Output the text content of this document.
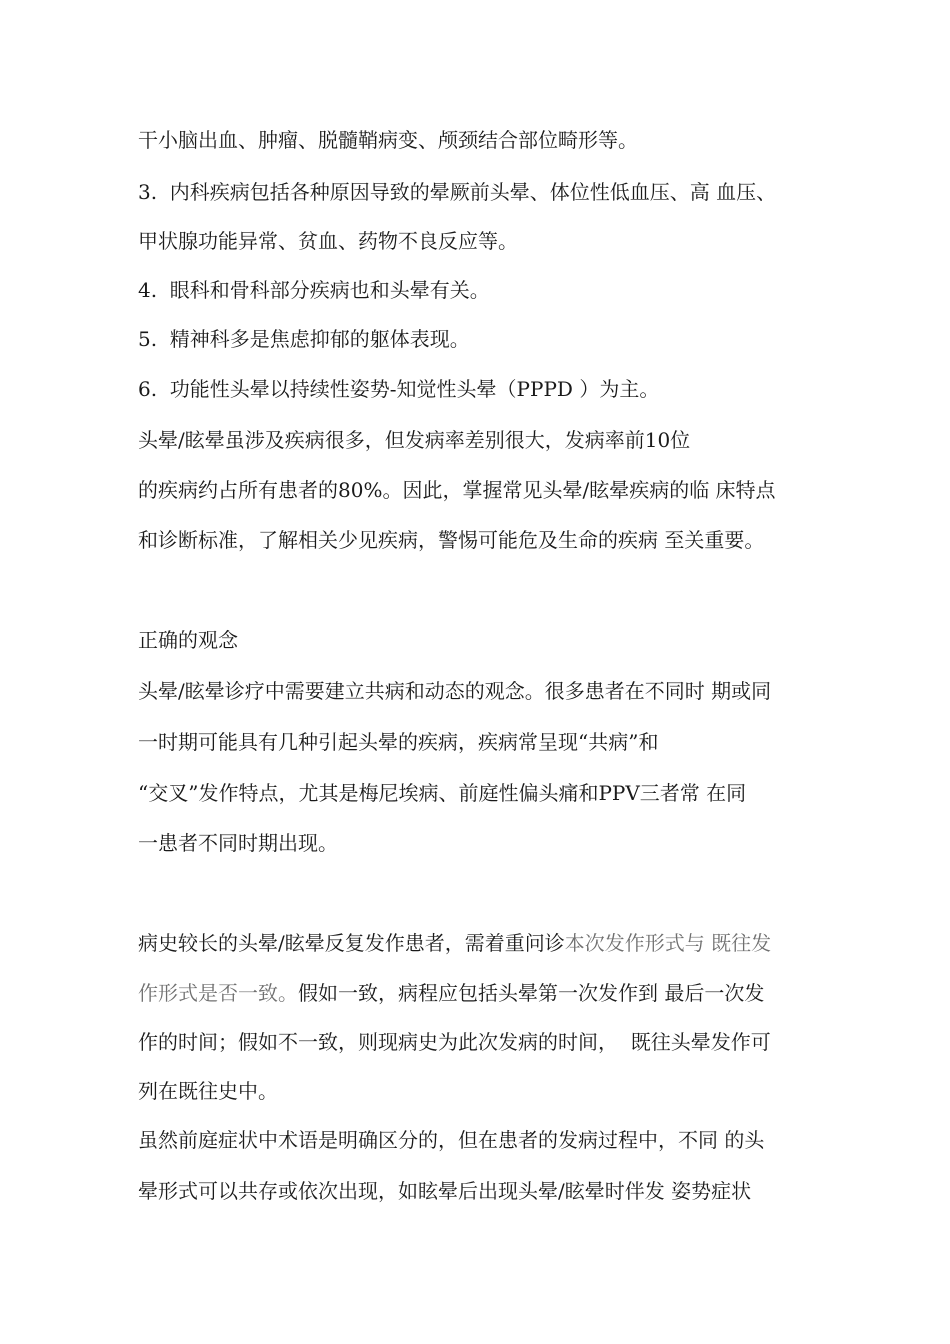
干小脑出血、肿瘤、脱髓鞘病变、颅颈结合部位畸形等。
3.  内科疾病包括各种原因导致的晕厥前头晕、体位性低血压、高 血压、
甲状腺功能异常、贫血、药物不良反应等。
4.  眼科和骨科部分疾病也和头晕有关。
5.  精神科多是焦虑抑郁的躯体表现。
6.  功能性头晕以持续性姿势-知觉性头晕（PPPD ）为主。
头晕/眩晕虽涉及疾病很多，但发病率差别很大，发病率前10位
的疾病约占所有患者的80%。因此，掌握常见头晕/眩晕疾病的临 床特点
和诊断标准，了解相关少见疾病，警惕可能危及生命的疾病 至关重要。
正确的观念
头晕/眩晕诊疗中需要建立共病和动态的观念。很多患者在不同时 期或同
一时期可能具有几种引起头晕的疾病，疾病常呈现“共病”和
“交叉”发作特点，尤其是梅尼埃病、前庭性偏头痛和PPV三者常 在同
一患者不同时期出现。
病史较长的头晕/眩晕反复发作患者，需着重问诊本次发作形式与 既往发
作形式是否一致。假如一致，病程应包括头晕第一次发作到 最后一次发
作的时间；假如不一致，则现病史为此次发病的时间，  既往头晕发作可
列在既往史中。
虽然前庭症状中术语是明确区分的，但在患者的发病过程中，不同 的头
晕形式可以共存或依次出现，如眩晕后出现头晕/眩晕时伴发 姿势症状
